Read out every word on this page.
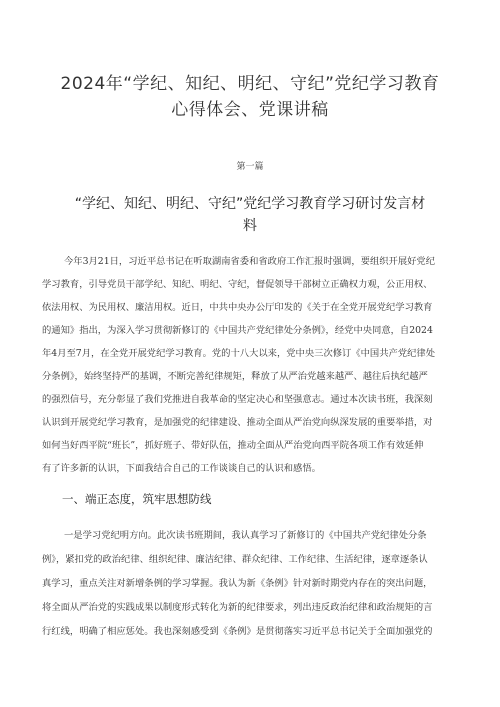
2024年“学纪、知纪、明纪、守纪”党纪学习教育
心得体会、党课讲稿
第一篇
“学纪、知纪、明纪、守纪”党纪学习教育学习研讨发言材
料
今年3月21日，习近平总书记在听取湖南省委和省政府工作汇报时强调，要组织开展好党纪
学习教育，引导党员干部学纪、知纪、明纪、守纪，督促领导干部树立正确权力观，公正用权、
依法用权、为民用权、廉洁用权。近日，中共中央办公厅印发的《关于在全党开展党纪学习教育
的通知》指出，为深入学习贯彻新修订的《中国共产党纪律处分条例》，经党中央同意，自2024
年4月至7月，在全党开展党纪学习教育。党的十八大以来，党中央三次修订《中国共产党纪律处
分条例》，始终坚持严的基调，不断完善纪律规矩，释放了从严治党越来越严、越往后执纪越严
的强烈信号，充分彰显了我们党推进自我革命的坚定决心和坚强意志。通过本次读书班，我深刻
认识到开展党纪学习教育，是加强党的纪律建设、推动全面从严治党向纵深发展的重要举措，对
如何当好西平院“班长”，抓好班子、带好队伍，推动全面从严治党向西平院各项工作有效延伸
有了许多新的认识，下面我结合自己的工作谈谈自己的认识和感悟。
一、端正态度，筑牢思想防线
一是学习党纪明方向。此次读书班期间，我认真学习了新修订的《中国共产党纪律处分条
例》，紧扣党的政治纪律、组织纪律、廉洁纪律、群众纪律、工作纪律、生活纪律，逐章逐条认
真学习，重点关注对新增条例的学习掌握。我认为新《条例》针对新时期党内存在的突出问题，
将全面从严治党的实践成果以制度形式转化为新的纪律要求，列出违反政治纪律和政治规矩的言
行红线，明确了相应惩处。我也深刻感受到《条例》是贯彻落实习近平总书记关于全面加强党的
